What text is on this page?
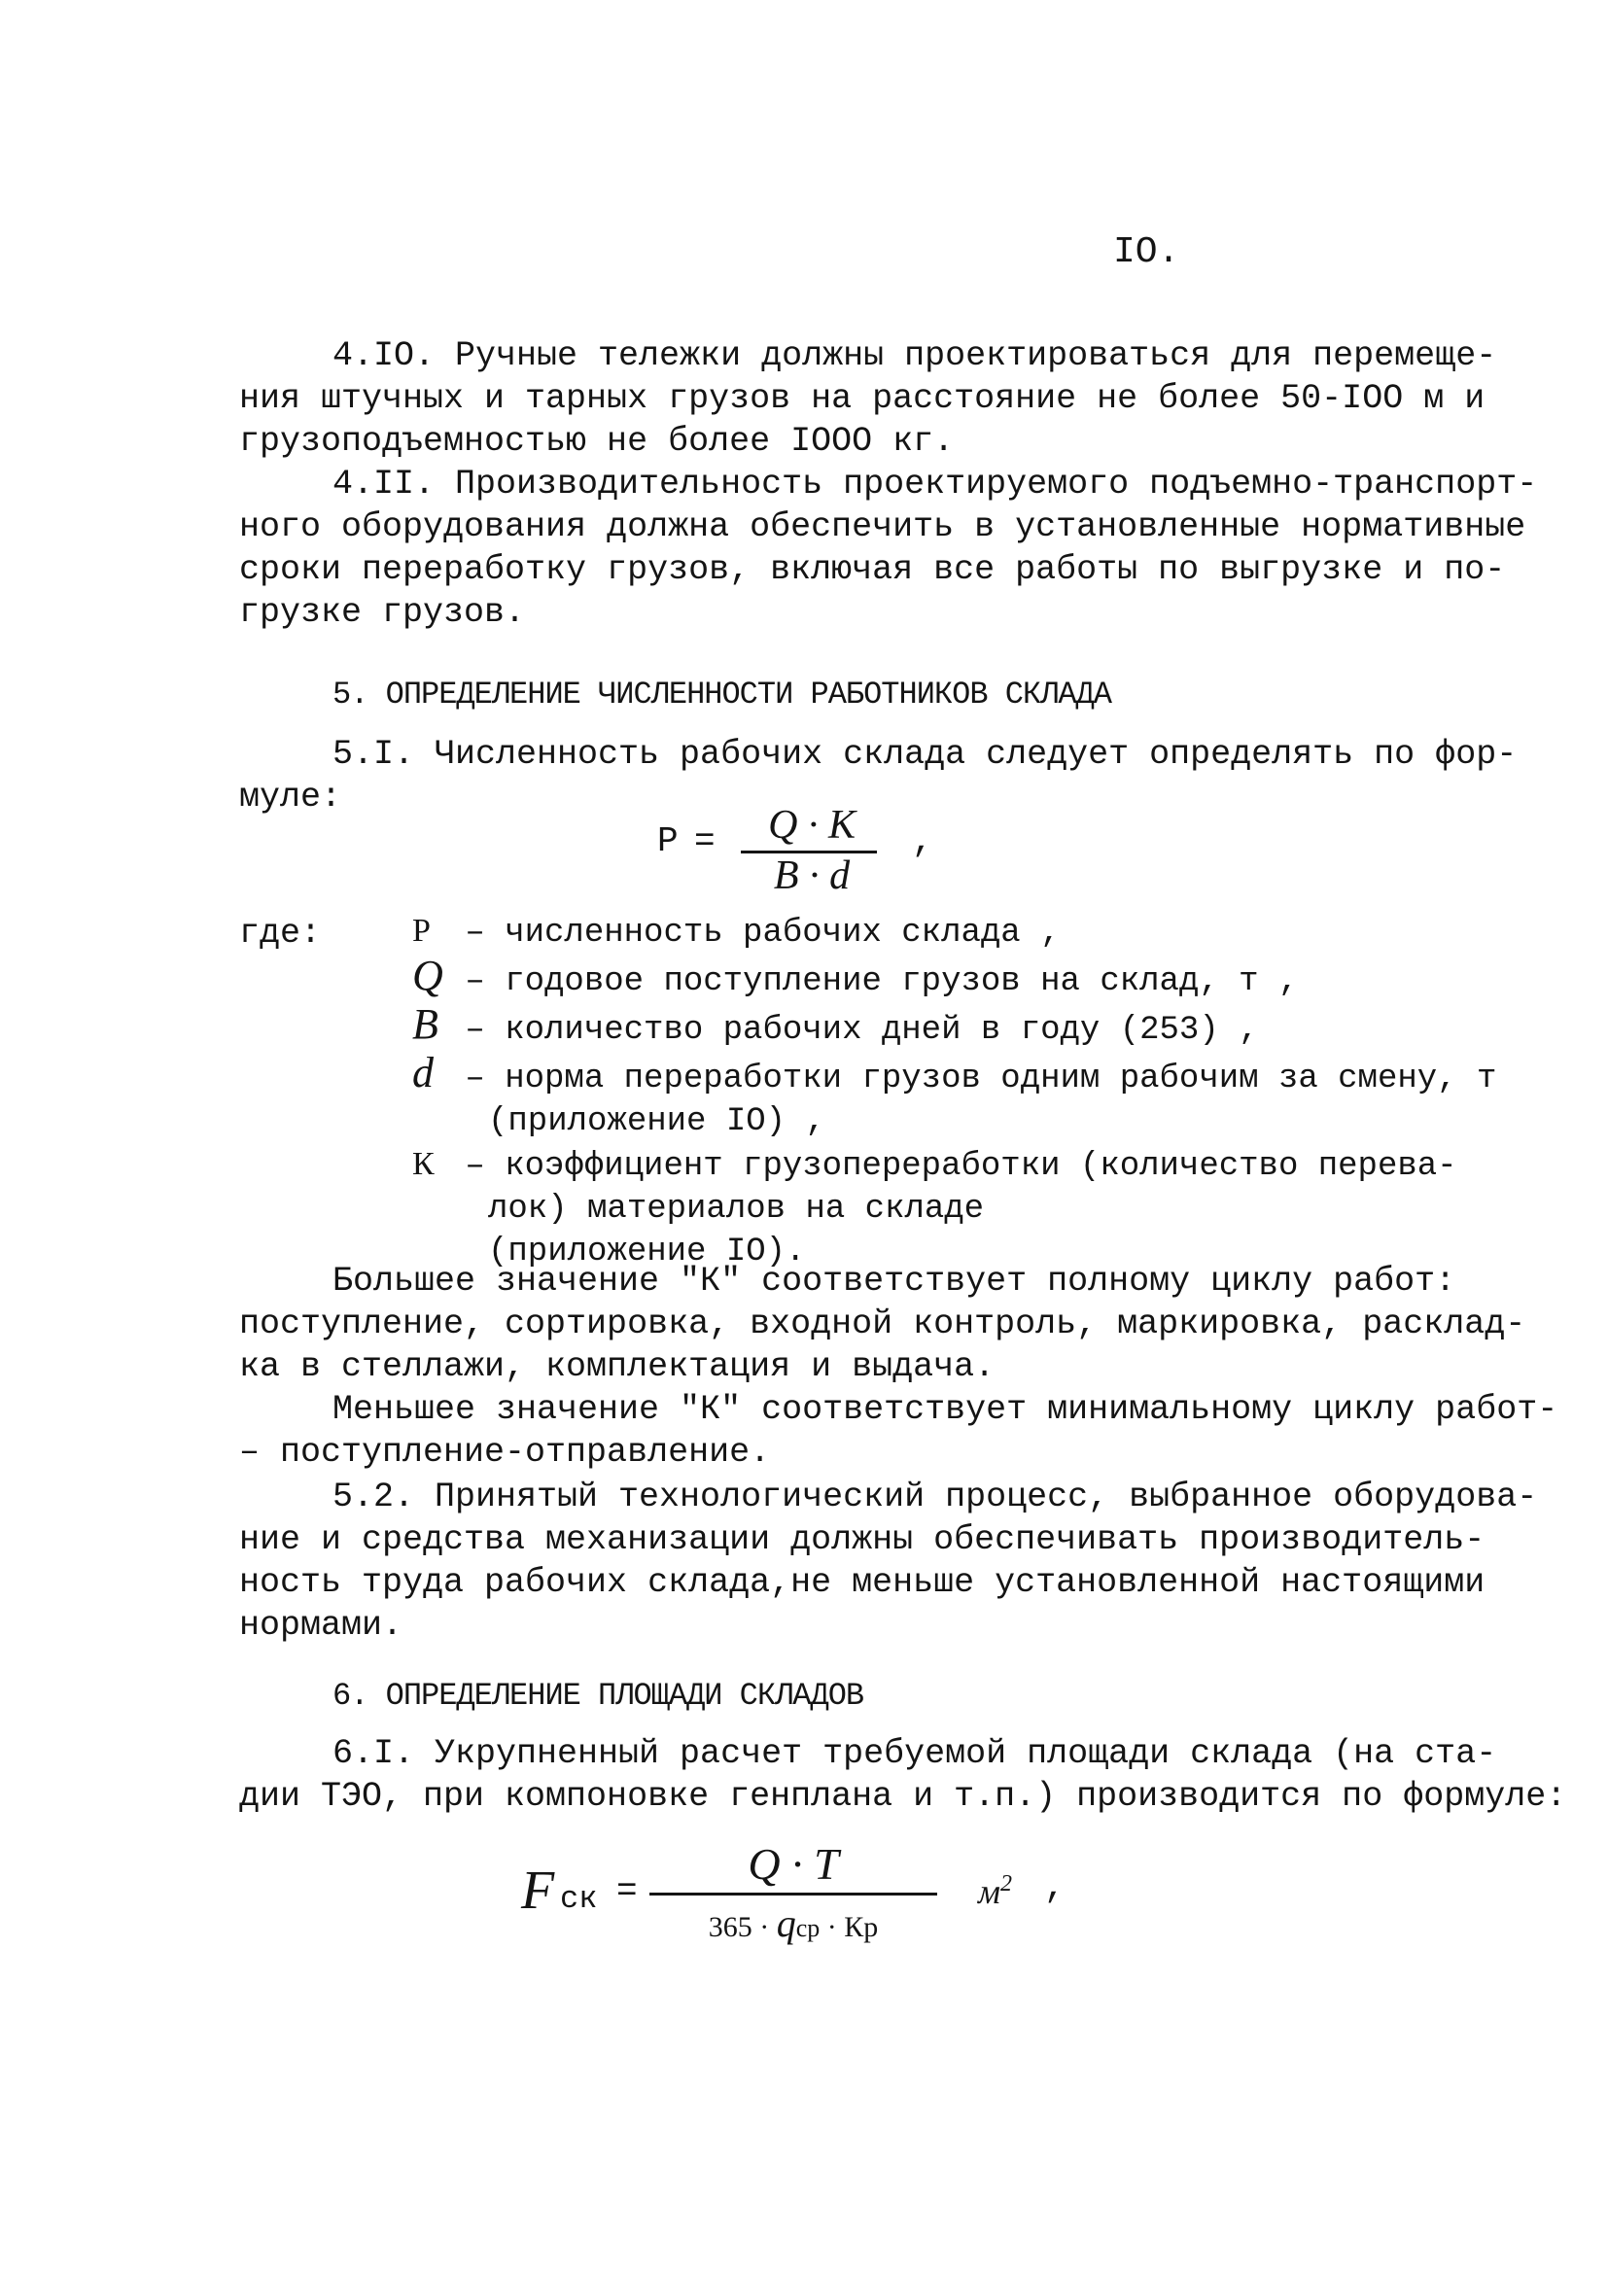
IO.
4.IO. Ручные тележки должны проектироваться для перемеще-
ния штучных и тарных грузов на расстояние не более 50-IOO м и
грузоподъемностью не более IOOO кг.
4.II. Производительность проектируемого подъемно-транспорт-
ного оборудования должна обеспечить в установленные нормативные
сроки переработку грузов, включая все работы по выгрузке и по-
грузке грузов.
5. ОПРЕДЕЛЕНИЕ ЧИСЛЕННОСТИ РАБОТНИКОВ СКЛАДА
5.I. Численность рабочих склада следует определять по фор-
муле:
Р =	Q · К
В · d
,
где:	Р – численность рабочих склада ,
Q – годовое поступление грузов на склад, т ,
В – количество рабочих дней в году (253) ,
d – норма переработки грузов одним рабочим за смену, т
(приложение IO) ,
К – коэффициент грузопереработки (количество перева-
лок) материалов на складе
(приложение IO).
Большее значение "К" соответствует полному циклу работ:
поступление, сортировка, входной контроль, маркировка, расклад-
ка в стеллажи, комплектация и выдача.
Меньшее значение "К" соответствует минимальному циклу работ-
– поступление-отправление.
5.2. Принятый технологический процесс, выбранное оборудова-
ние и средства механизации должны обеспечивать производитель-
ность труда рабочих склада,не меньше установленной настоящими
нормами.
6. ОПРЕДЕЛЕНИЕ ПЛОЩАДИ СКЛАДОВ
6.I. Укрупненный расчет требуемой площади склада (на ста-
дии ТЭО, при компоновке генплана и т.п.) производится по формуле:
F ск =
Q · T
365 · qср · Кр
$м^2$ ,
